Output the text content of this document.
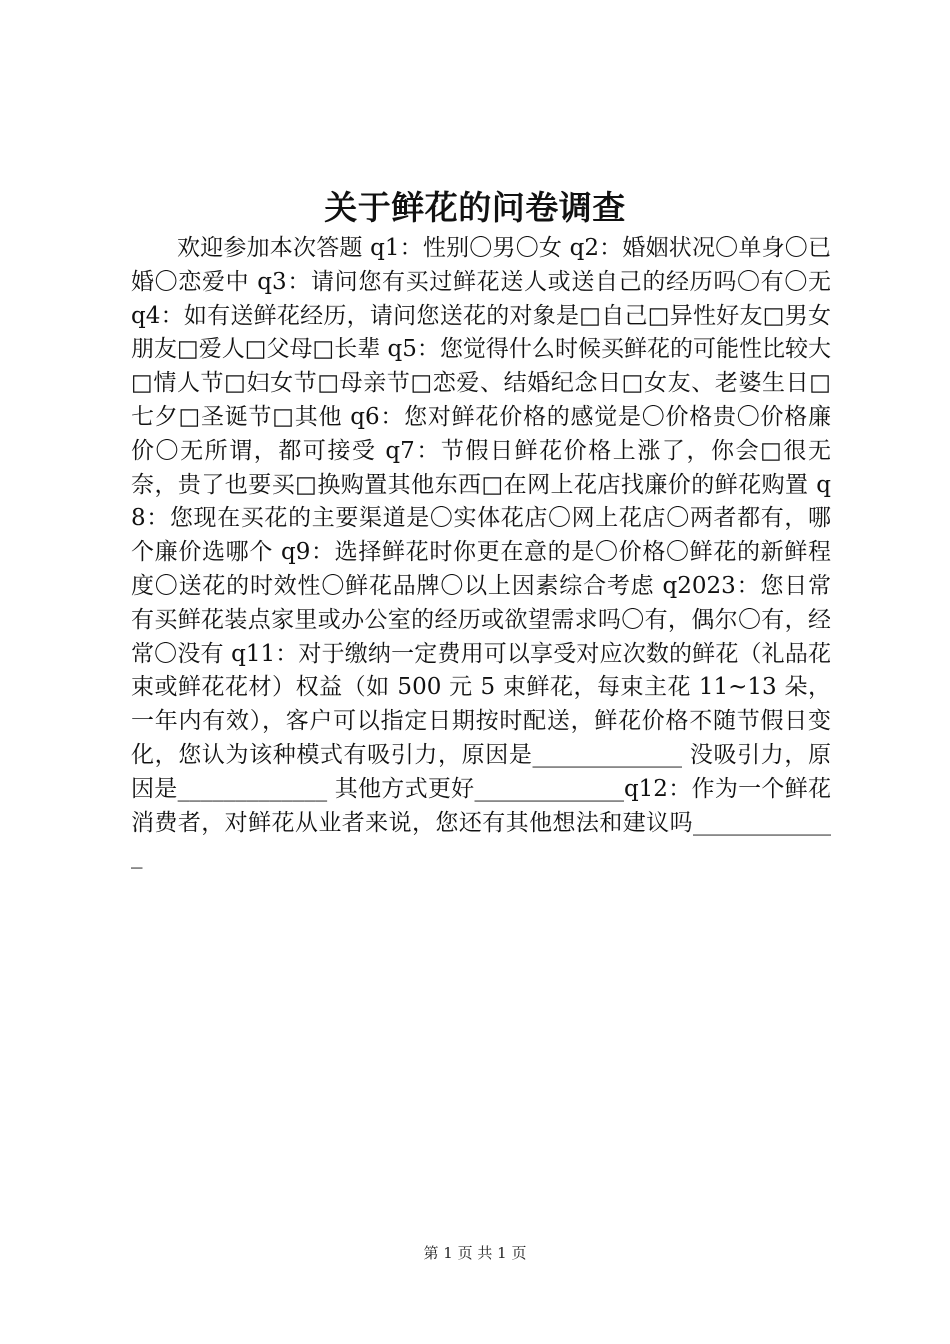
关于鲜花的问卷调查

欢迎参加本次答题 q1：性别〇男〇女 q2：婚姻状况〇单身〇已婚〇恋爱中 q3：请问您有买过鲜花送人或送自己的经历吗〇有〇无 q4：如有送鲜花经历，请问您送花的对象是□自己□异性好友□男女朋友□爱人□父母□长辈 q5：您觉得什么时候买鲜花的可能性比较大□情人节□妇女节□母亲节□恋爱、结婚纪念日□女友、老婆生日□七夕□圣诞节□其他 q6：您对鲜花价格的感觉是〇价格贵〇价格廉价〇无所谓，都可接受 q7：节假日鲜花价格上涨了，你会□很无奈，贵了也要买□换购置其他东西□在网上花店找廉价的鲜花购置 q8：您现在买花的主要渠道是〇实体花店〇网上花店〇两者都有，哪个廉价选哪个 q9：选择鲜花时你更在意的是〇价格〇鲜花的新鲜程度〇送花的时效性〇鲜花品牌〇以上因素综合考虑 q2023：您日常有买鲜花装点家里或办公室的经历或欲望需求吗〇有，偶尔〇有，经常〇没有 q11：对于缴纳一定费用可以享受对应次数的鲜花（礼品花束或鲜花花材）权益（如 500 元 5 束鲜花，每束主花 11~13 朵，一年内有效），客户可以指定日期按时配送，鲜花价格不随节假日变化，您认为该种模式有吸引力，原因是_____________ 没吸引力，原因是_____________ 其他方式更好_____________q12：作为一个鲜花消费者，对鲜花从业者来说，您还有其他想法和建议吗_____________

第 1 页 共 1 页
